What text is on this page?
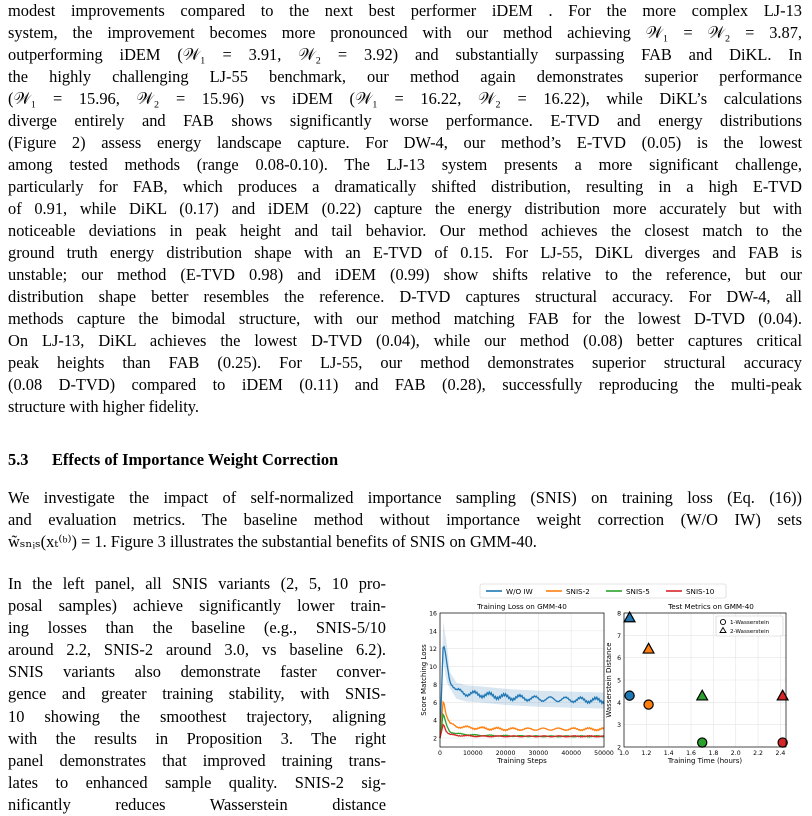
modest improvements compared to the next best performer iDEM . For the more complex LJ-13
system, the improvement becomes more pronounced with our method achieving 𝒲₁ = 𝒲₂ = 3.87,
outperforming iDEM (𝒲₁ = 3.91, 𝒲₂ = 3.92) and substantially surpassing FAB and DiKL. In
the highly challenging LJ-55 benchmark, our method again demonstrates superior performance
(𝒲₁ = 15.96, 𝒲₂ = 15.96) vs iDEM (𝒲₁ = 16.22, 𝒲₂ = 16.22), while DiKL’s calculations
diverge entirely and FAB shows significantly worse performance. E-TVD and energy distributions
(Figure 2) assess energy landscape capture. For DW-4, our method’s E-TVD (0.05) is the lowest
among tested methods (range 0.08-0.10). The LJ-13 system presents a more significant challenge,
particularly for FAB, which produces a dramatically shifted distribution, resulting in a high E-TVD
of 0.91, while DiKL (0.17) and iDEM (0.22) capture the energy distribution more accurately but with
noticeable deviations in peak height and tail behavior. Our method achieves the closest match to the
ground truth energy distribution shape with an E-TVD of 0.15. For LJ-55, DiKL diverges and FAB is
unstable; our method (E-TVD 0.98) and iDEM (0.99) show shifts relative to the reference, but our
distribution shape better resembles the reference. D-TVD captures structural accuracy. For DW-4, all
methods capture the bimodal structure, with our method matching FAB for the lowest D-TVD (0.04).
On LJ-13, DiKL achieves the lowest D-TVD (0.04), while our method (0.08) better captures critical
peak heights than FAB (0.25). For LJ-55, our method demonstrates superior structural accuracy
(0.08 D-TVD) compared to iDEM (0.11) and FAB (0.28), successfully reproducing the multi-peak
structure with higher fidelity.
5.3 Effects of Importance Weight Correction
We investigate the impact of self-normalized importance sampling (SNIS) on training loss (Eq. (16))
and evaluation metrics. The baseline method without importance weight correction (W/O IW) sets
w̃ₛₙᵢₛ(xₜ⁽ᵇ⁾) = 1. Figure 3 illustrates the substantial benefits of SNIS on GMM-40.
In the left panel, all SNIS variants (2, 5, 10 pro-
posal samples) achieve significantly lower train-
ing losses than the baseline (e.g., SNIS-5/10
around 2.2, SNIS-2 around 3.0, vs baseline 6.2).
SNIS variants also demonstrate faster conver-
gence and greater training stability, with SNIS-
10 showing the smoothest trajectory, aligning
with the results in Proposition 3. The right
panel demonstrates that improved training trans-
lates to enhanced sample quality. SNIS-2 sig-
nificantly reduces Wasserstein distance
W/O IW	SNIS-2	SNIS-5	SNIS-10
Training Loss on GMM-40
2
4
6
8
10
12
14
16
0	10000 20000 30000 40000 50000
Training Steps
Score Matching Loss
Test Metrics on GMM-40
2
3
4
5
6
7
8
1.0 1.2 1.4 1.6 1.8 2.0 2.2 2.4
1-Wasserstein
2-Wasserstein
Training Time (hours)
Wasserstein Distance
